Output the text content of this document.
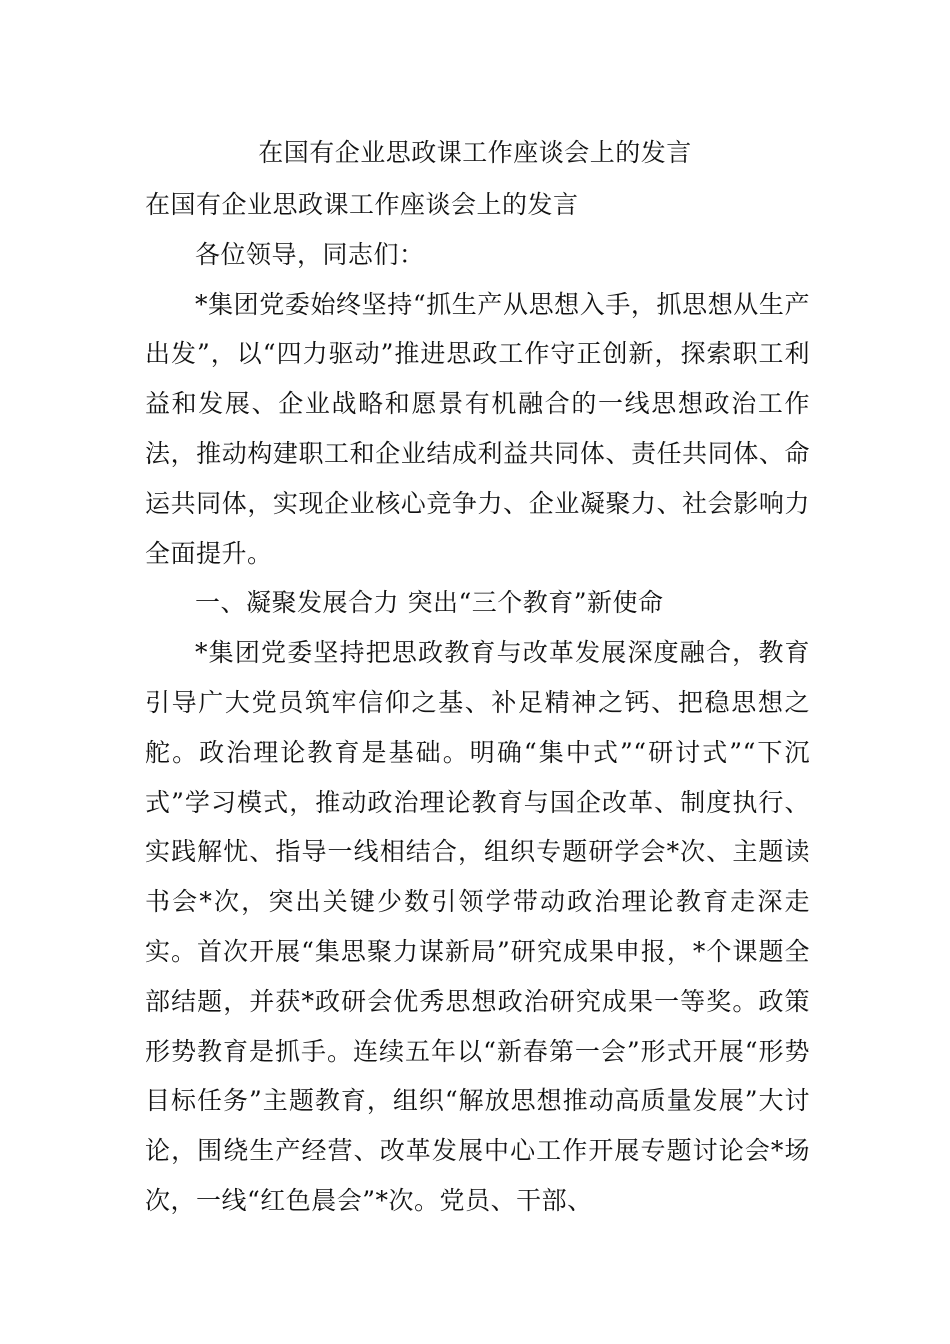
在国有企业思政课工作座谈会上的发言

在国有企业思政课工作座谈会上的发言

各位领导，同志们：

*集团党委始终坚持“抓生产从思想入手，抓思想从生产出发”，以“四力驱动”推进思政工作守正创新，探索职工利益和发展、企业战略和愿景有机融合的一线思想政治工作法，推动构建职工和企业结成利益共同体、责任共同体、命运共同体，实现企业核心竞争力、企业凝聚力、社会影响力全面提升。

一、凝聚发展合力 突出“三个教育”新使命

*集团党委坚持把思政教育与改革发展深度融合，教育引导广大党员筑牢信仰之基、补足精神之钙、把稳思想之舵。政治理论教育是基础。明确“集中式”“研讨式”“下沉式”学习模式，推动政治理论教育与国企改革、制度执行、实践解忧、指导一线相结合，组织专题研学会*次、主题读书会*次，突出关键少数引领学带动政治理论教育走深走实。首次开展“集思聚力谋新局”研究成果申报，*个课题全部结题，并获*政研会优秀思想政治研究成果一等奖。政策形势教育是抓手。连续五年以“新春第一会”形式开展“形势目标任务”主题教育，组织“解放思想推动高质量发展”大讨论，围绕生产经营、改革发展中心工作开展专题讨论会*场次，一线“红色晨会”*次。党员、干部、
